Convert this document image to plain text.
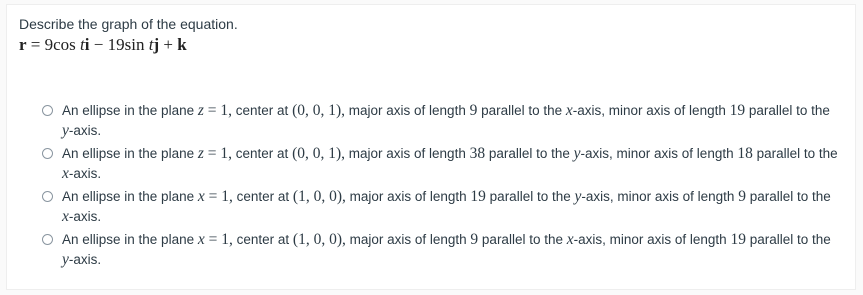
Describe the graph of the equation.
r = 9cos ti − 19sin tj + k
An ellipse in the plane z = 1, center at (0, 0, 1), major axis of length 9 parallel to the x-axis, minor axis of length 19 parallel to the y-axis.
An ellipse in the plane z = 1, center at (0, 0, 1), major axis of length 38 parallel to the y-axis, minor axis of length 18 parallel to the x-axis.
An ellipse in the plane x = 1, center at (1, 0, 0), major axis of length 19 parallel to the y-axis, minor axis of length 9 parallel to the x-axis.
An ellipse in the plane x = 1, center at (1, 0, 0), major axis of length 9 parallel to the x-axis, minor axis of length 19 parallel to the y-axis.
